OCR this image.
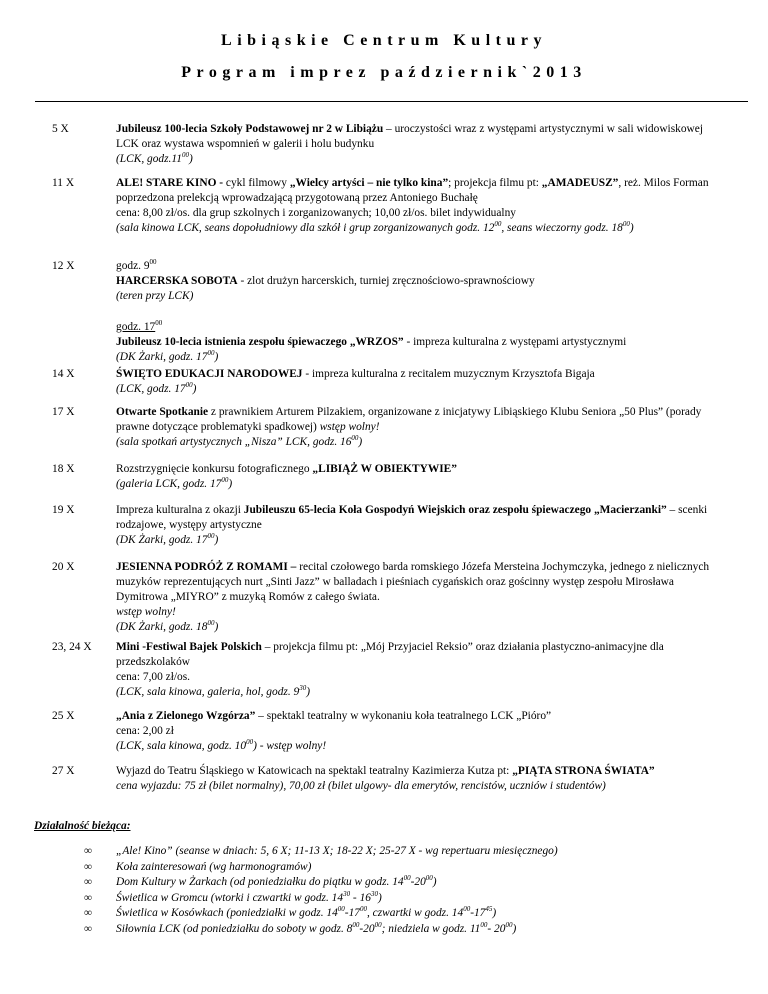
Libiąskie Centrum Kultury
Program imprez październik`2013
5 X	Jubileusz 100-lecia Szkoły Podstawowej nr 2 w Libiążu – uroczystości wraz z występami artystycznymi w sali widowiskowej LCK oraz wystawa wspomnień w galerii i holu budynku

(LCK, $godz.11^{00}$)

11 X	ALE! STARE KINO - cykl filmowy „Wielcy artyści – nie tylko kina”; projekcja filmu pt: „AMADEUSZ”, reż. Milos Forman poprzedzona prelekcją wprowadzającą przygotowaną przez Antoniego Buchałę

cena: 8,00 zł/os. dla grup szkolnych i zorganizowanych; 10,00 zł/os. bilet indywidualny

(sala kinowa LCK, seans dopołudniowy dla szkół i grup zorganizowanych godz. $12^{00}$, seans wieczorny godz. $18^{00}$)

12 X	godz. $9^{00}$

HARCERSKA SOBOTA - zlot drużyn harcerskich, turniej zręcznościowo-sprawnościowy

(teren przy LCK)

godz. $17^{00}$

Jubileusz 10-lecia istnienia zespołu śpiewaczego „WRZOS” - impreza kulturalna z występami artystycznymi

(DK Żarki, godz. $17^{00}$)

14 X	ŚWIĘTO EDUKACJI NARODOWEJ - impreza kulturalna z recitalem muzycznym Krzysztofa Bigaja

(LCK, godz. $17^{00}$)

17 X	Otwarte Spotkanie z prawnikiem Arturem Pilzakiem, organizowane z inicjatywy Libiąskiego Klubu Seniora „50 Plus” (porady prawne dotyczące problematyki spadkowej) wstęp wolny!

(sala spotkań artystycznych „Nisza” LCK, godz. $16^{00}$)

18 X	Rozstrzygnięcie konkursu fotograficznego „LIBIĄŻ W OBIEKTYWIE”

(galeria LCK, godz. $17^{00}$)

19 X	Impreza kulturalna z okazji Jubileuszu 65-lecia Koła Gospodyń Wiejskich oraz zespołu śpiewaczego „Macierzanki” – scenki rodzajowe, występy artystyczne

(DK Żarki, godz. $17^{00}$)

20 X	JESIENNA PODRÓŻ Z ROMAMI – recital czołowego barda romskiego Józefa Mersteina Jochymczyka, jednego z nielicznych muzyków reprezentujących nurt „Sinti Jazz” w balladach i pieśniach cygańskich oraz gościnny występ zespołu Mirosława Dymitrowa „MIYRO” z muzyką Romów z całego świata.

wstęp wolny!

(DK Żarki, godz. $18^{00}$)

23, 24 X	Mini -Festiwal Bajek Polskich – projekcja filmu pt: „Mój Przyjaciel Reksio” oraz działania plastyczno-animacyjne dla przedszkolaków

cena: 7,00 zł/os.

(LCK, sala kinowa, galeria, hol, godz. $9^{30}$)

25 X	„Ania z Zielonego Wzgórza” – spektakl teatralny w wykonaniu koła teatralnego LCK „Pióro”

cena: 2,00 zł

(LCK, sala kinowa, godz. $10^{00}$) - wstęp wolny!

27 X	Wyjazd do Teatru Śląskiego w Katowicach na spektakl teatralny Kazimierza Kutza pt: „PIĄTA STRONA ŚWIATA”

cena wyjazdu: 75 zł (bilet normalny), 70,00 zł (bilet ulgowy- dla emerytów, rencistów, uczniów i studentów)

Działalność bieżąca:
∞ „Ale! Kino” (seanse w dniach: 5, 6 X; 11-13 X; 18-22 X; 25-27 X - wg repertuaru miesięcznego)
∞ Koła zainteresowań (wg harmonogramów)
∞ Dom Kultury w Żarkach (od poniedziałku do piątku w godz. $14^{00}-20^{00}$)
∞ Świetlica w Gromcu (wtorki i czwartki w godz. $14^{30} - 16^{30}$)
∞ Świetlica w Kosówkach (poniedziałki w godz. $14^{00}-17^{00}$, czwartki w godz. $14^{00}-17^{45}$)
∞ Siłownia LCK (od poniedziałku do soboty w godz. $8^{00}-20^{00}$; niedziela w godz. $11^{00}-$ $20^{00}$)
